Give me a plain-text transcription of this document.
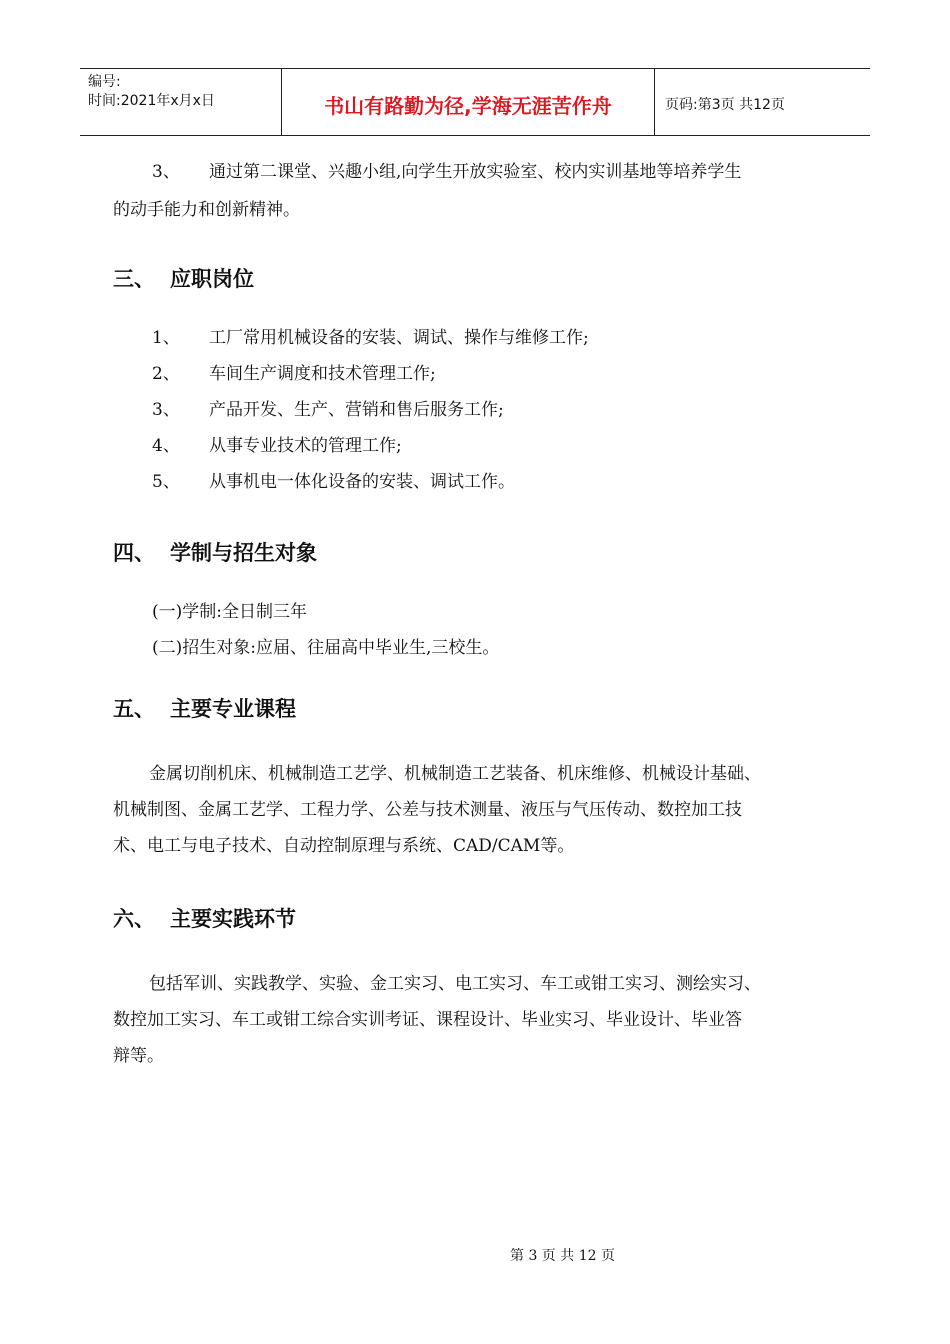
编号:
时间:2021年x月x日	书山有路勤为径,学海无涯苦作舟	页码:第3页 共12页

3、 通过第二课堂、兴趣小组,向学生开放实验室、校内实训基地等培养学生

的动手能力和创新精神。

三、 应职岗位

1、 工厂常用机械设备的安装、调试、操作与维修工作;

2、 车间生产调度和技术管理工作;

3、 产品开发、生产、营销和售后服务工作;

4、 从事专业技术的管理工作;

5、 从事机电一体化设备的安装、调试工作。

四、 学制与招生对象

(一)学制:全日制三年

(二)招生对象:应届、往届高中毕业生,三校生。

五、 主要专业课程

金属切削机床、机械制造工艺学、机械制造工艺装备、机床维修、机械设计基础、

机械制图、金属工艺学、工程力学、公差与技术测量、液压与气压传动、数控加工技

术、电工与电子技术、自动控制原理与系统、CAD/CAM等。

六、 主要实践环节

包括军训、实践教学、实验、金工实习、电工实习、车工或钳工实习、测绘实习、

数控加工实习、车工或钳工综合实训考证、课程设计、毕业实习、毕业设计、毕业答

辩等。

第 3 页 共 12 页
